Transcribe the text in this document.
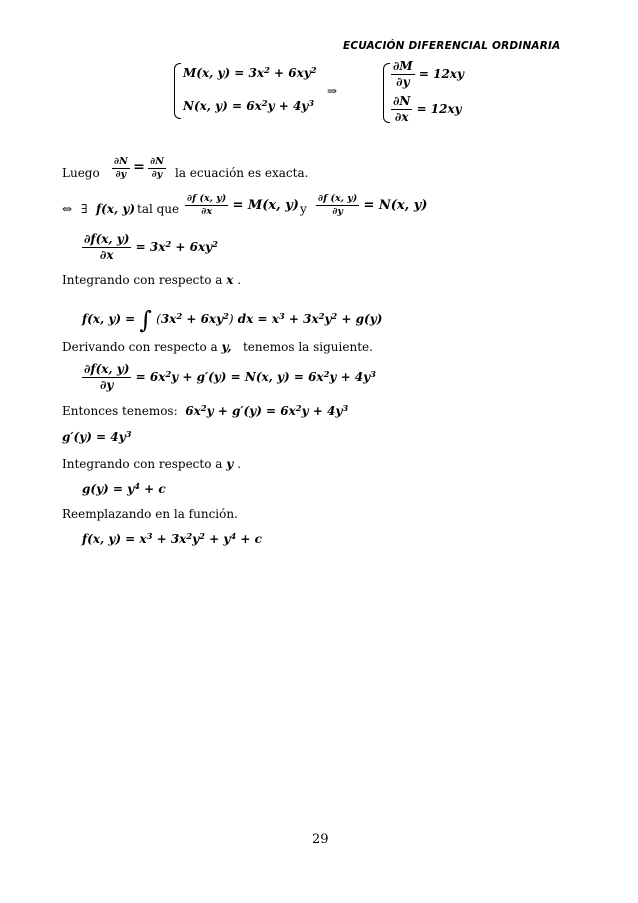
ECUACIÓN DIFERENCIAL ORDINARIA
M(x, $y) = 3x^2 + 6xy^2$
N(x, $y) = 6x^2y + 4y^3$
⇒
$\frac{\partial M}{\partial y} = 12xy$
$\frac{\partial N}{\partial x} = 12xy$
Luego $\frac{\partial N}{\partial y} = \frac{\partial N}{\partial y}$ la ecuación es exacta.
⇔ ∃ f(x, y) tal que $\frac{\partial f (x, y)}{\partial x} = M(x$, y) y $\frac{\partial f (x, y)}{\partial y} = N(x$, y)
$\frac{\partial f(x, y)}{\partial x} = 3x^2 + 6xy^2$
Integrando con respecto a x .
f(x, y) = ∫ $(3x^2 + 6xy^2)$ dx = $x^3 + 3x^2y^2 + g(y)$
Derivando con respecto a y, tenemos la siguiente.
$\frac{\partial f(x, y)}{\partial y} = 6x^2y + g'(y) = N(x$, $y) = 6x^2y + 4y^3$
Entonces tenemos: $6x^2y + g'(y) = 6x^2y + 4y^3$
$g'(y) = 4y^3$
Integrando con respecto a y .
$g(y) = y^4 + c$
Reemplazando en la función.
f(x, $y) = x^3 + 3x^2y^2 + y^4 + c$
29
